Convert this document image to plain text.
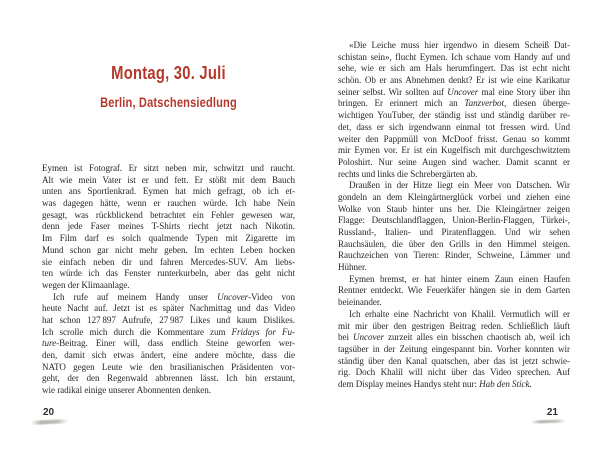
Montag, 30. Juli
Berlin, Datschensiedlung
Eymen ist Fotograf. Er sitzt neben mir, schwitzt und raucht.
Alt wie mein Vater ist er und fett. Er stößt mit dem Bauch
unten ans Sportlenkrad. Eymen hat mich gefragt, ob ich et-
was dagegen hätte, wenn er rauchen würde. Ich habe Nein
gesagt, was rückblickend betrachtet ein Fehler gewesen war,
denn jede Faser meines T-Shirts riecht jetzt nach Nikotin.
Im Film darf es solch qualmende Typen mit Zigarette im
Mund schon gar nicht mehr geben. Im echten Leben hocken
sie einfach neben dir und fahren Mercedes-SUV. Am liebs-
ten würde ich das Fenster runterkurbeln, aber das geht nicht
wegen der Klimaanlage.
Ich rufe auf meinem Handy unser Uncover-Video von
heute Nacht auf. Jetzt ist es später Nachmittag und das Video
hat schon 127 897 Aufrufe, 27 987 Likes und kaum Dislikes.
Ich scrolle mich durch die Kommentare zum Fridays for Fu-
ture-Beitrag. Einer will, dass endlich Steine geworfen wer-
den, damit sich etwas ändert, eine andere möchte, dass die
NATO gegen Leute wie den brasilianischen Präsidenten vor-
geht, der den Regenwald abbrennen lässt. Ich bin erstaunt,
wie radikal einige unserer Abonnenten denken.
«Die Leiche muss hier irgendwo in diesem Scheiß Dat-
schistan sein», flucht Eymen. Ich schaue vom Handy auf und
sehe, wie er sich am Hals herumfingert. Das ist echt nicht
schön. Ob er ans Abnehmen denkt? Er ist wie eine Karikatur
seiner selbst. Wir sollten auf Uncover mal eine Story über ihn
bringen. Er erinnert mich an Tanzverbot, diesen überge-
wichtigen YouTuber, der ständig isst und ständig darüber re-
det, dass er sich irgendwann einmal tot fressen wird. Und
weiter den Pappmüll von McDoof frisst. Genau so kommt
mir Eymen vor. Er ist ein Kugelfisch mit durchgeschwitztem
Poloshirt. Nur seine Augen sind wacher. Damit scannt er
rechts und links die Schrebergärten ab.
Draußen in der Hitze liegt ein Meer von Datschen. Wir
gondeln an dem Kleingärtnerglück vorbei und ziehen eine
Wolke von Staub hinter uns her. Die Kleingärtner zeigen
Flagge: Deutschlandflaggen, Union-Berlin-Flaggen, Türkei-,
Russland-, Italien- und Piratenflaggen. Und wir sehen
Rauchsäulen, die über den Grills in den Himmel steigen.
Rauchzeichen von Tieren: Rinder, Schweine, Lämmer und
Hühner.
Eymen bremst, er hat hinter einem Zaun einen Haufen
Rentner entdeckt. Wie Feuerkäfer hängen sie in dem Garten
beieinander.
Ich erhalte eine Nachricht von Khalil. Vermutlich will er
mit mir über den gestrigen Beitrag reden. Schließlich läuft
bei Uncover zurzeit alles ein bisschen chaotisch ab, weil ich
tagsüber in der Zeitung eingespannt bin. Vorher konnten wir
ständig über den Kanal quatschen, aber das ist jetzt schwie-
rig. Doch Khalil will nicht über das Video sprechen. Auf
dem Display meines Handys steht nur: Hab den Stick.
20	21
